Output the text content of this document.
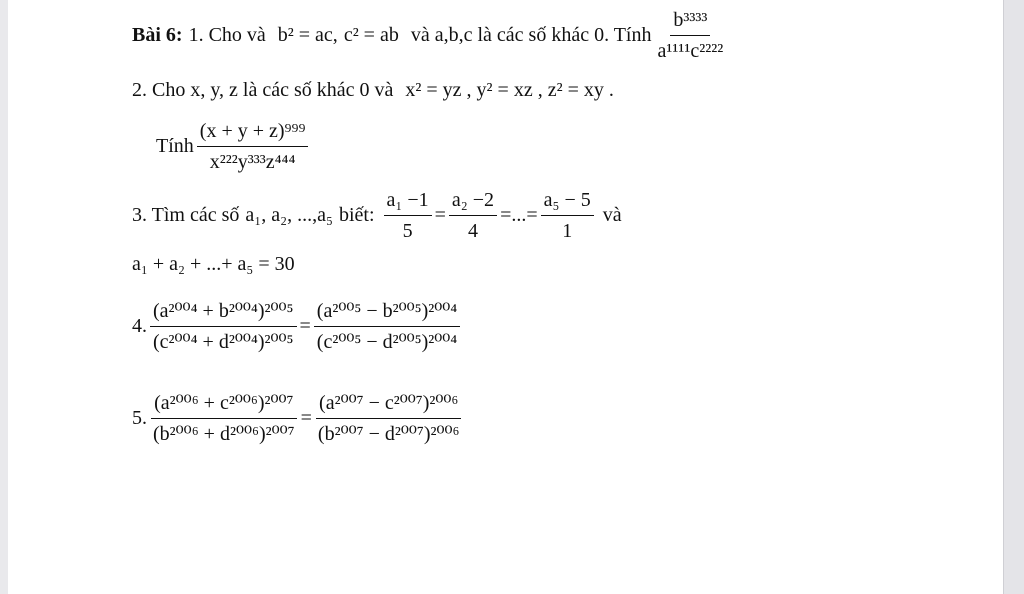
Bài 6: 1. Cho và b² = ac, c² = ab và a,b,c là các số khác 0. Tính $\frac{\text{b³³³³}}{\text{a¹¹¹¹c²²²²}}$
2. Cho x, y, z là các số khác 0 và x² = yz , y² = xz , z² = xy .
Tính $\frac{\text{(x + y + z)⁹⁹⁹}}{\text{x²²²y³³³z⁴⁴⁴}}$
3. Tìm các số a₁, a₂, ...,a₅ biết: $\frac{\text{a₁ −1}}{5} = \frac{\text{a₂ −2}}{4}$ = ... = $\frac{\text{a₅ − 5}}{1}$ và
a₁ + a₂ + ...+ a₅ = 30
4. $\frac{\text{(a²⁰⁰⁴ + b²⁰⁰⁴)²⁰⁰⁵}}{\text{(c²⁰⁰⁴ + d²⁰⁰⁴)²⁰⁰⁵}} = \frac{\text{(a²⁰⁰⁵ − b²⁰⁰⁵)²⁰⁰⁴}}{\text{(c²⁰⁰⁵ − d²⁰⁰⁵)²⁰⁰⁴}}$
5. $\frac{\text{(a²⁰⁰⁶ + c²⁰⁰⁶)²⁰⁰⁷}}{\text{(b²⁰⁰⁶ + d²⁰⁰⁶)²⁰⁰⁷}} = \frac{\text{(a²⁰⁰⁷ − c²⁰⁰⁷)²⁰⁰⁶}}{\text{(b²⁰⁰⁷ − d²⁰⁰⁷)²⁰⁰⁶}}$
